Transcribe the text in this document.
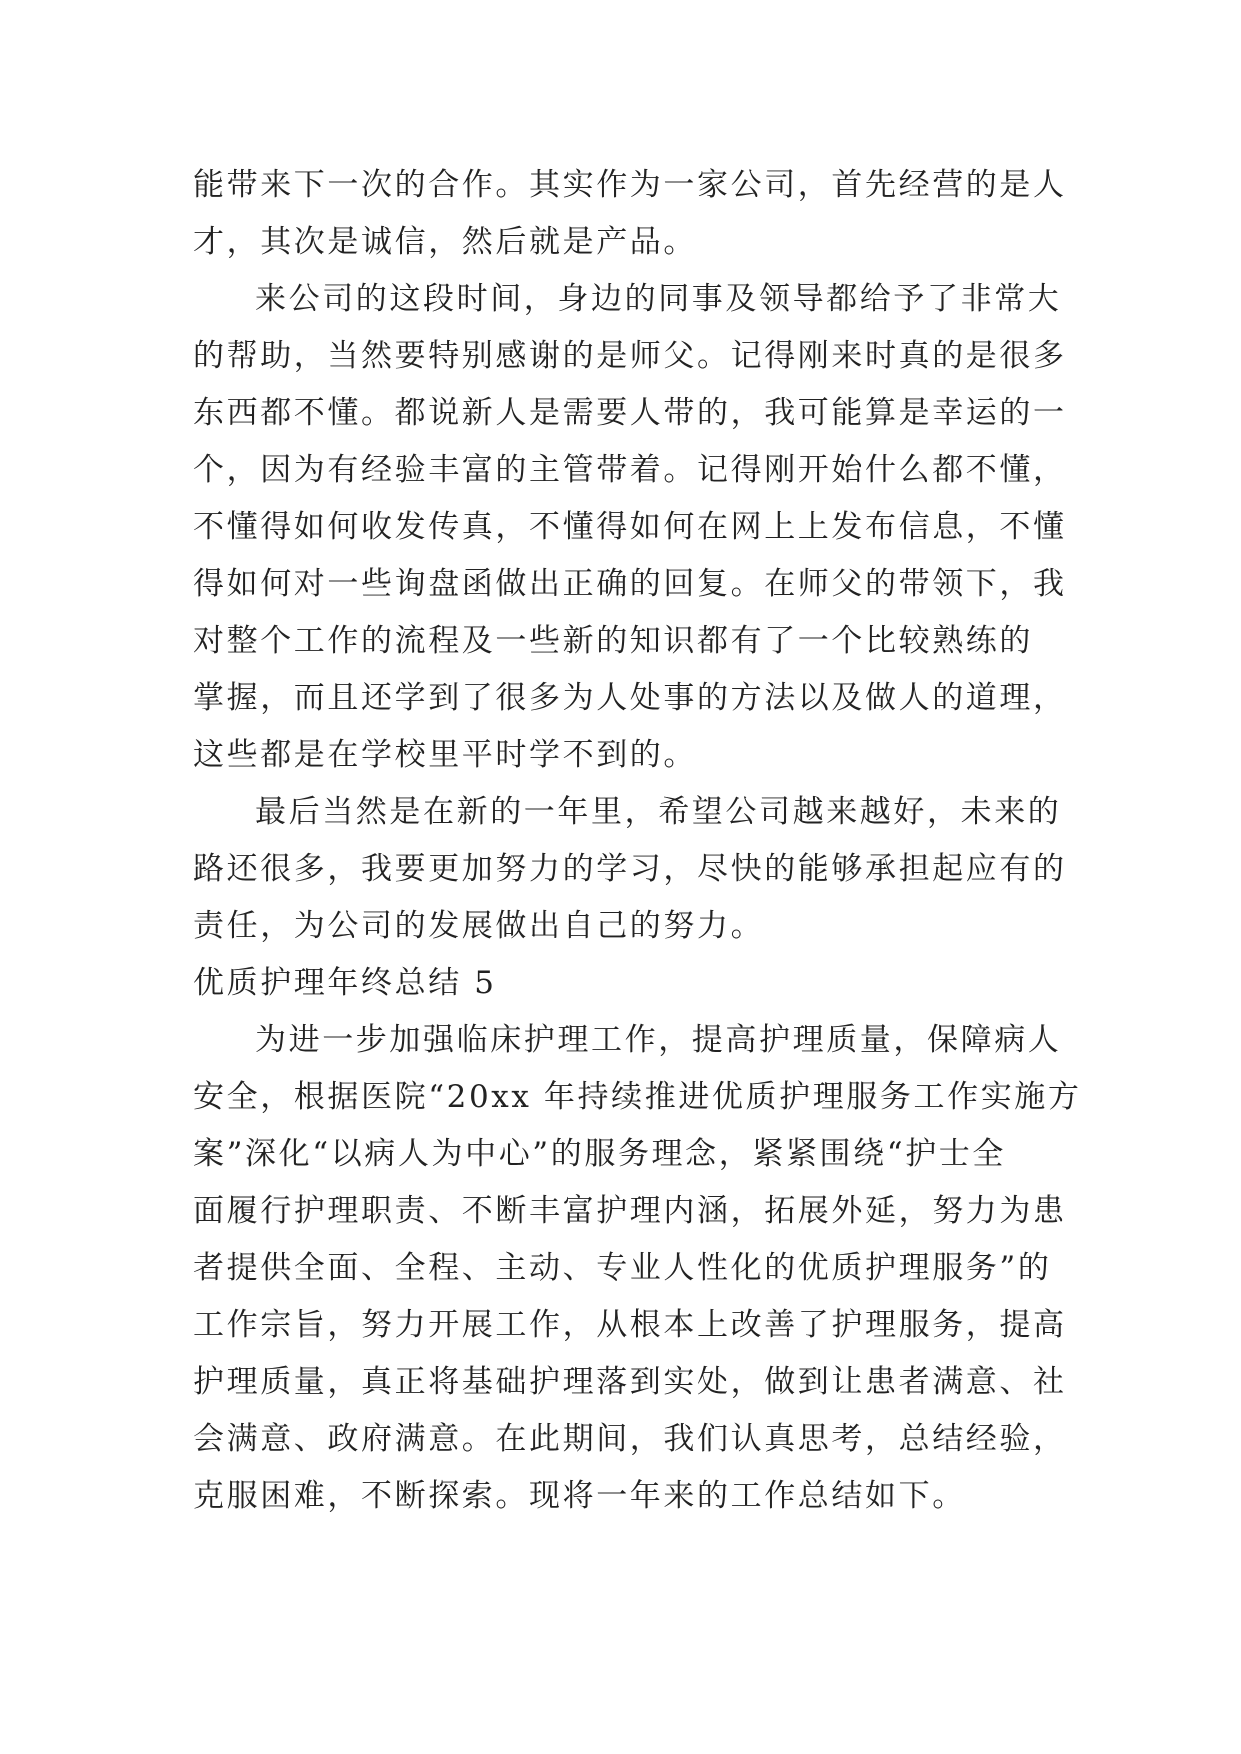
能带来下一次的合作。其实作为一家公司，首先经营的是人
才，其次是诚信，然后就是产品。
来公司的这段时间，身边的同事及领导都给予了非常大
的帮助，当然要特别感谢的是师父。记得刚来时真的是很多
东西都不懂。都说新人是需要人带的，我可能算是幸运的一
个，因为有经验丰富的主管带着。记得刚开始什么都不懂，
不懂得如何收发传真，不懂得如何在网上上发布信息，不懂
得如何对一些询盘函做出正确的回复。在师父的带领下，我
对整个工作的流程及一些新的知识都有了一个比较熟练的
掌握，而且还学到了很多为人处事的方法以及做人的道理，
这些都是在学校里平时学不到的。
最后当然是在新的一年里，希望公司越来越好，未来的
路还很多，我要更加努力的学习，尽快的能够承担起应有的
责任，为公司的发展做出自己的努力。
优质护理年终总结 5
为进一步加强临床护理工作，提高护理质量，保障病人
安全，根据医院“20xx 年持续推进优质护理服务工作实施方
案”深化“以病人为中心”的服务理念，紧紧围绕“护士全
面履行护理职责、不断丰富护理内涵，拓展外延，努力为患
者提供全面、全程、主动、专业人性化的优质护理服务”的
工作宗旨，努力开展工作，从根本上改善了护理服务，提高
护理质量，真正将基础护理落到实处，做到让患者满意、社
会满意、政府满意。在此期间，我们认真思考，总结经验，
克服困难，不断探索。现将一年来的工作总结如下。
